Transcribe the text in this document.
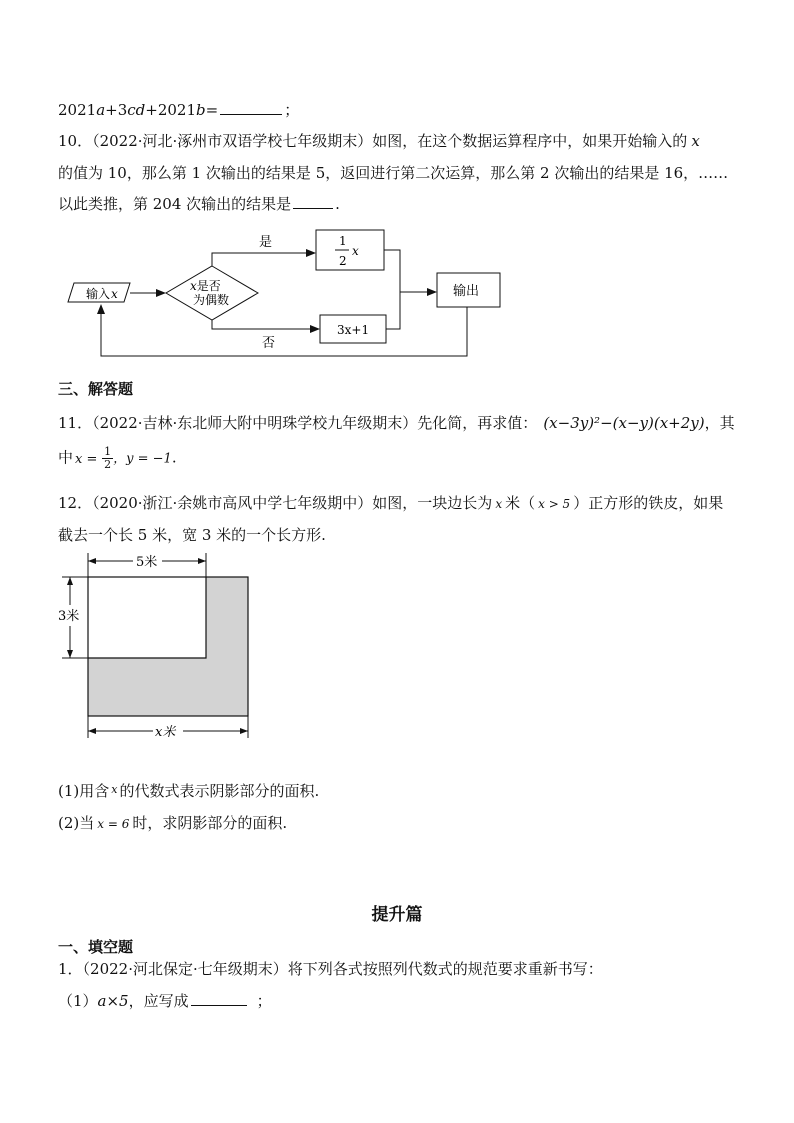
2021a+3cd+2021b=	；
10．（2022·河北·涿州市双语学校七年级期末）如图，在这个数据运算程序中，如果开始输入的 x
的值为 10，那么第 1 次输出的结果是 5，返回进行第二次运算，那么第 2 次输出的结果是 16，……
以此类推，第 204 次输出的结果是	.
输入x
x是否
为偶数
是
否
1
2
x
3x+1
输出
三、解答题
11．（2022·吉林·东北师大附中明珠学校九年级期末）先化简，再求值： (x−3y)²−(x−y)(x+2y)，其
中 $x = \frac{1}{2}$ ，y = −1.
12．（2020·浙江·余姚市高风中学七年级期中）如图，一块边长为 x 米（ x > 5 ）正方形的铁皮，如果
截去一个长 5 米，宽 3 米的一个长方形.
5米
3米
x米
(1)用含 $^x$ 的代数式表示阴影部分的面积.
(2)当 x = 6 时，求阴影部分的面积.
提升篇
一、填空题
1．（2022·河北保定·七年级期末）将下列各式按照列代数式的规范要求重新书写：
（1）a×5，应写成	；
